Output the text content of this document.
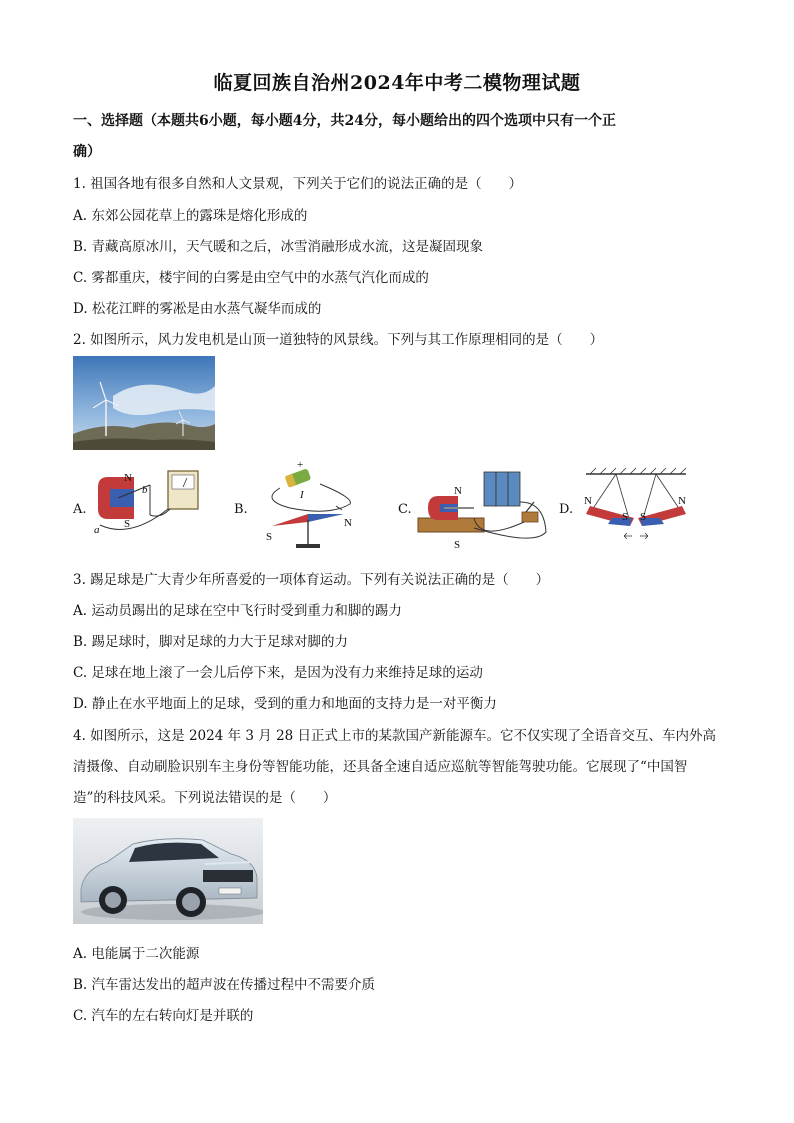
临夏回族自治州2024年中考二模物理试题
一、选择题（本题共6小题，每小题4分，共24分，每小题给出的四个选项中只有一个正
确）
1. 祖国各地有很多自然和人文景观，下列关于它们的说法正确的是（　　）
A. 东郊公园花草上的露珠是熔化形成的
B. 青藏高原冰川，天气暖和之后，冰雪消融形成水流，这是凝固现象
C. 雾都重庆，楼宇间的白雾是由空气中的水蒸气汽化而成的
D. 松花江畔的雾凇是由水蒸气凝华而成的
2. 如图所示，风力发电机是山顶一道独特的风景线。下列与其工作原理相同的是（　　）
A.
N
S
a
b
B.
+
I
S
N
C.
N
S
D.
N
S S
N
3. 踢足球是广大青少年所喜爱的一项体育运动。下列有关说法正确的是（　　）
A. 运动员踢出的足球在空中飞行时受到重力和脚的踢力
B. 踢足球时，脚对足球的力大于足球对脚的力
C. 足球在地上滚了一会儿后停下来，是因为没有力来维持足球的运动
D. 静止在水平地面上的足球，受到的重力和地面的支持力是一对平衡力
4. 如图所示，这是 2024 年 3 月 28 日正式上市的某款国产新能源车。它不仅实现了全语音交互、车内外高
清摄像、自动刷脸识别车主身份等智能功能，还具备全速自适应巡航等智能驾驶功能。它展现了“中国智
造”的科技风采。下列说法错误的是（　　）
A. 电能属于二次能源
B. 汽车雷达发出的超声波在传播过程中不需要介质
C. 汽车的左右转向灯是并联的
